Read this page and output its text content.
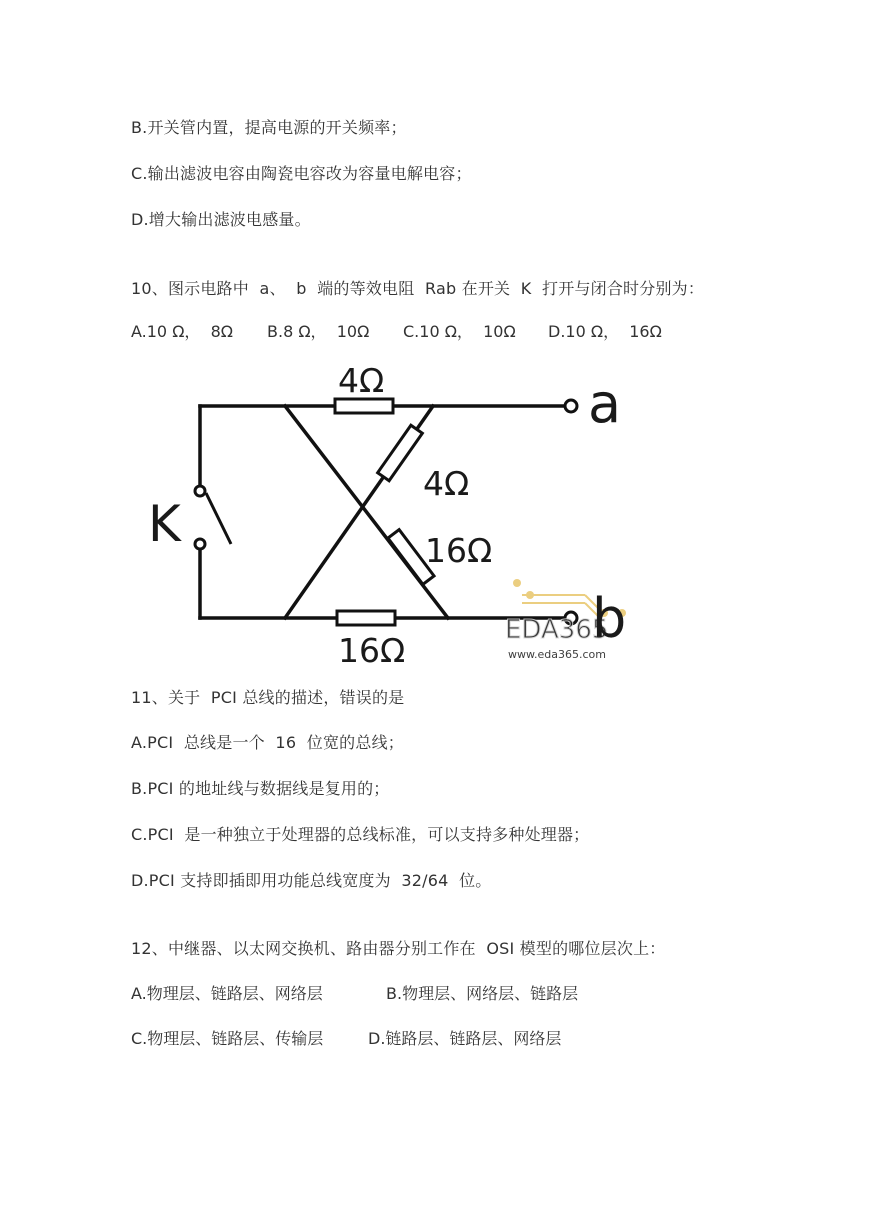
B.开关管内置，提高电源的开关频率；
C.输出滤波电容由陶瓷电容改为容量电解电容；
D.增大输出滤波电感量。
10、图示电路中  a、  b  端的等效电阻  Rab 在开关  K  打开与闭合时分别为：
A.10 Ω，  8Ω B.8 Ω，  10Ω C.10 Ω，  10Ω D.10 Ω，  16Ω
EDA365
www.eda365.com
4Ω
4Ω
16Ω
16Ω
K
a
b
11、关于  PCI 总线的描述，错误的是
A.PCI  总线是一个  16  位宽的总线；
B.PCI 的地址线与数据线是复用的；
C.PCI  是一种独立于处理器的总线标准，可以支持多种处理器；
D.PCI 支持即插即用功能总线宽度为  32/64  位。
12、中继器、以太网交换机、路由器分别工作在  OSI 模型的哪位层次上：
A.物理层、链路层、网络层	B.物理层、网络层、链路层
C.物理层、链路层、传输层	D.链路层、链路层、网络层
